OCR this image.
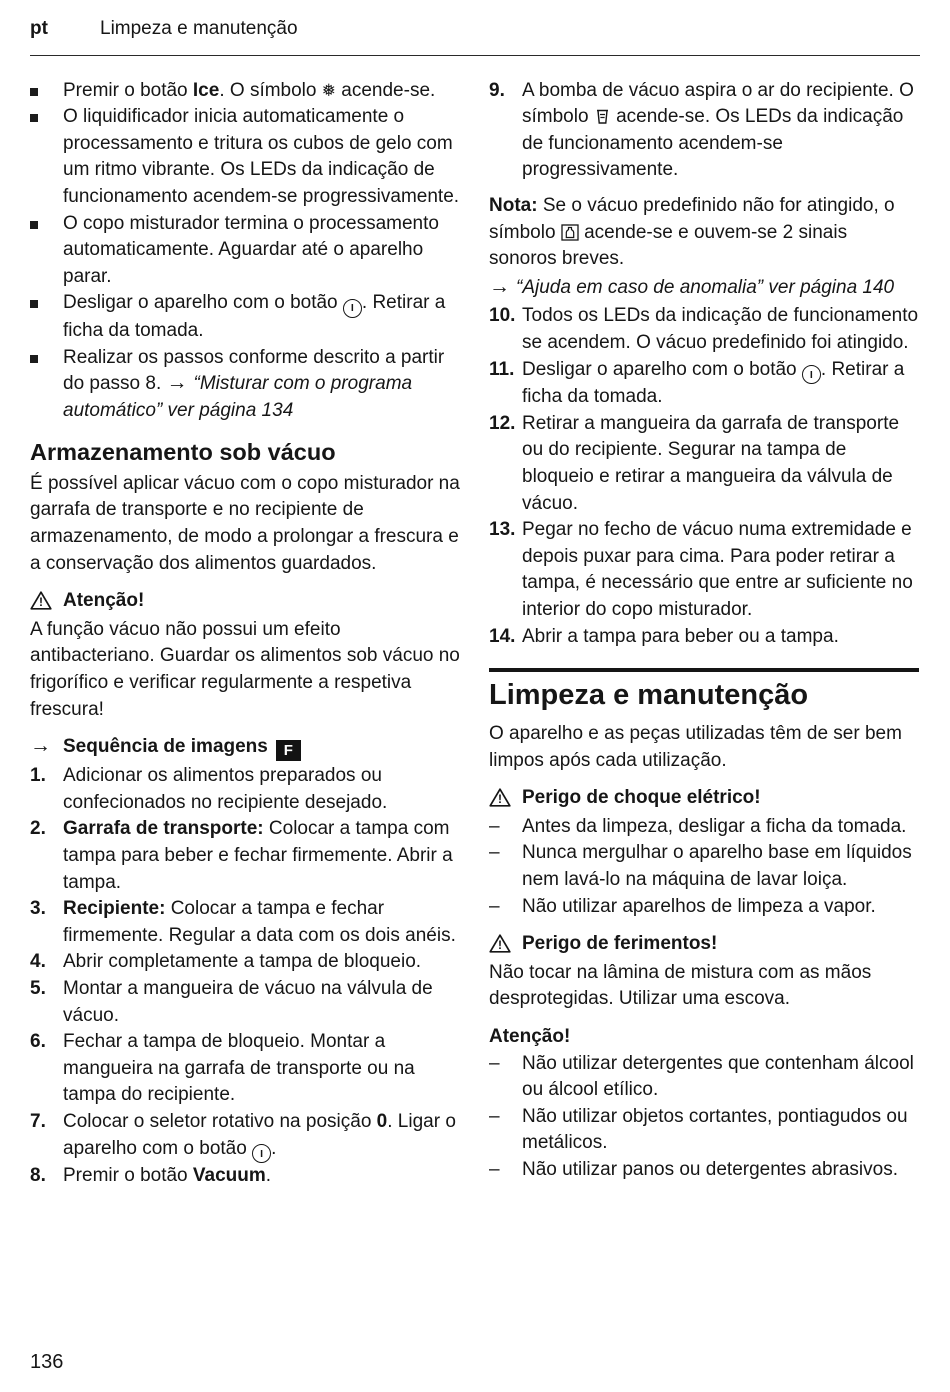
pt	Limpeza e manutenção
Premir o botão Ice. O símbolo ❅ acende-se.
O liquidificador inicia automaticamente o processamento e tritura os cubos de gelo com um ritmo vibrante. Os LEDs da indicação de funcionamento acendem-se progressivamente.
O copo misturador termina o processamento automaticamente. Aguardar até o aparelho parar.
Desligar o aparelho com o botão I . Retirar a ficha da tomada.
Realizar os passos conforme descrito a partir do passo 8. → “Misturar com o programa automático” ver página 134
Armazenamento sob vácuo

É possível aplicar vácuo com o copo misturador na garrafa de transporte e no recipiente de armazenamento, de modo a prolongar a frescura e a conservação dos alimentos guardados.

! Atenção!

A função vácuo não possui um efeito antibacteriano. Guardar os alimentos sob vácuo no frigorífico e verificar regularmente a respetiva frescura!

→ Sequência de imagens F
1. Adicionar os alimentos preparados ou confecionados no recipiente desejado.
2. Garrafa de transporte: Colocar a tampa com tampa para beber e fechar firmemente. Abrir a tampa.
3. Recipiente: Colocar a tampa e fechar firmemente. Regular a data com os dois anéis.
4. Abrir completamente a tampa de bloqueio.
5. Montar a mangueira de vácuo na válvula de vácuo.
6. Fechar a tampa de bloqueio. Montar a mangueira na garrafa de transporte ou na tampa do recipiente.
7. Colocar o seletor rotativo na posição 0. Ligar o aparelho com o botão I .
8. Premir o botão Vacuum.
9. A bomba de vácuo aspira o ar do recipiente. O símbolo  acende-se. Os LEDs da indicação de funcionamento acendem-se progressivamente.

Nota: Se o vácuo predefinido não for atingido, o símbolo  acende-se e ouvem-se 2 sinais sonoros breves.

→ “Ajuda em caso de anomalia” ver página 140

10. Todos os LEDs da indicação de funcionamento se acendem. O vácuo predefinido foi atingido.
11. Desligar o aparelho com o botão I . Retirar a ficha da tomada.
12. Retirar a mangueira da garrafa de transporte ou do recipiente. Segurar na tampa de bloqueio e retirar a mangueira da válvula de vácuo.
13. Pegar no fecho de vácuo numa extremidade e depois puxar para cima. Para poder retirar a tampa, é necessário que entre ar suficiente no interior do copo misturador.
14. Abrir a tampa para beber ou a tampa.
Limpeza e manutenção

O aparelho e as peças utilizadas têm de ser bem limpos após cada utilização.

! Perigo de choque elétrico!
–	Antes da limpeza, desligar a ficha da tomada.
–	Nunca mergulhar o aparelho base em líquidos nem lavá-lo na máquina de lavar loiça.
–	Não utilizar aparelhos de limpeza a vapor.
! Perigo de ferimentos!

Não tocar na lâmina de mistura com as mãos desprotegidas. Utilizar uma escova.

Atenção!

–	Não utilizar detergentes que contenham álcool ou álcool etílico.
–	Não utilizar objetos cortantes, pontiagudos ou metálicos.
–	Não utilizar panos ou detergentes abrasivos.
136
